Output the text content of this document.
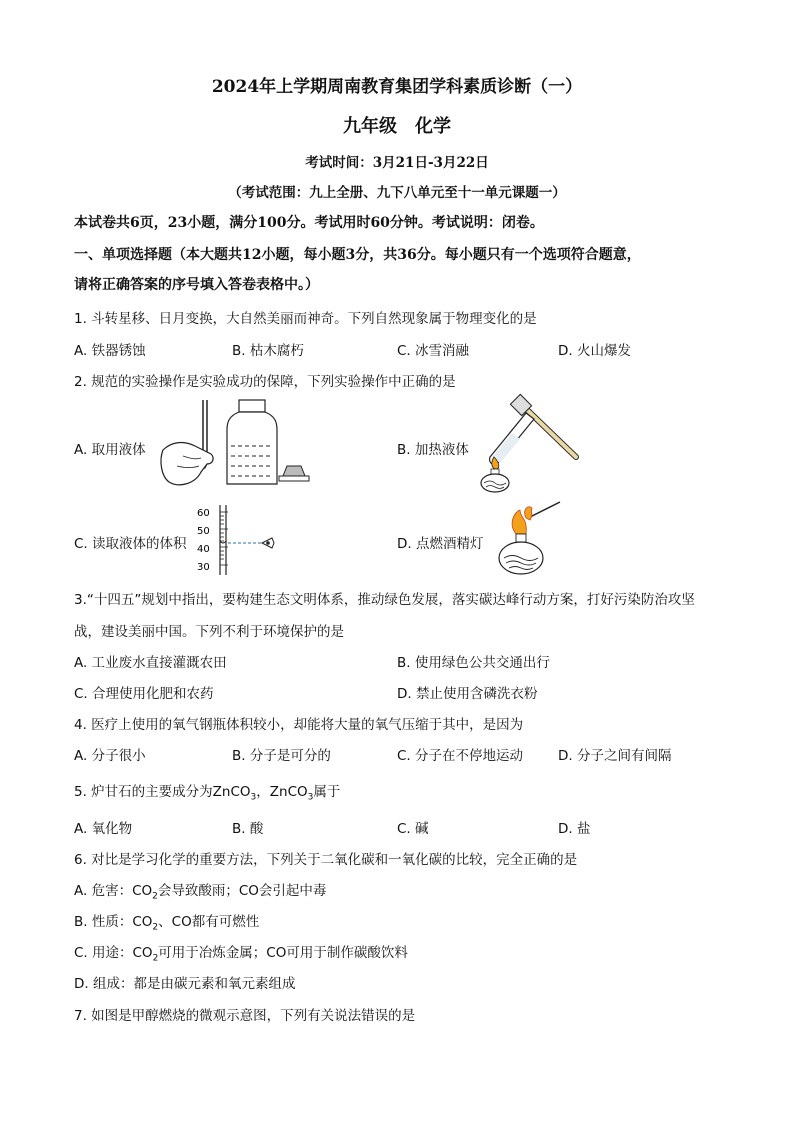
2024年上学期周南教育集团学科素质诊断（一）
九年级　化学
考试时间：3月21日-3月22日
（考试范围：九上全册、九下八单元至十一单元课题一）
本试卷共6页，23小题，满分100分。考试用时60分钟。考试说明：闭卷。
一、单项选择题（本大题共12小题，每小题3分，共36分。每小题只有一个选项符合题意，
请将正确答案的序号填入答卷表格中。）
1. 斗转星移、日月变换，大自然美丽而神奇。下列自然现象属于物理变化的是
A. 铁器锈蚀	B. 枯木腐朽	C. 冰雪消融	D. 火山爆发
2. 规范的实验操作是实验成功的保障，下列实验操作中正确的是
A. 取用液体	B. 加热液体
C. 读取液体的体积
60
50
40
30
D. 点燃酒精灯
3.“十四五”规划中指出，要构建生态文明体系，推动绿色发展，落实碳达峰行动方案，打好污染防治攻坚
战，建设美丽中国。下列不利于环境保护的是
A. 工业废水直接灌溉农田	B. 使用绿色公共交通出行
C. 合理使用化肥和农药	D. 禁止使用含磷洗衣粉
4. 医疗上使用的氧气钢瓶体积较小，却能将大量的氧气压缩于其中，是因为
A. 分子很小	B. 分子是可分的	C. 分子在不停地运动	D. 分子之间有间隔
5. 炉甘石的主要成分为ZnCO$_3$，ZnCO$_3$属于
A. 氧化物	B. 酸	C. 碱	D. 盐
6. 对比是学习化学的重要方法，下列关于二氧化碳和一氧化碳的比较，完全正确的是
A. 危害：$CO_2$会导致酸雨；CO会引起中毒
B. 性质：$CO_2$、CO都有可燃性
C. 用途：$CO_2$可用于冶炼金属；CO可用于制作碳酸饮料
D. 组成：都是由碳元素和氧元素组成
7. 如图是甲醇燃烧的微观示意图，下列有关说法错误的是
